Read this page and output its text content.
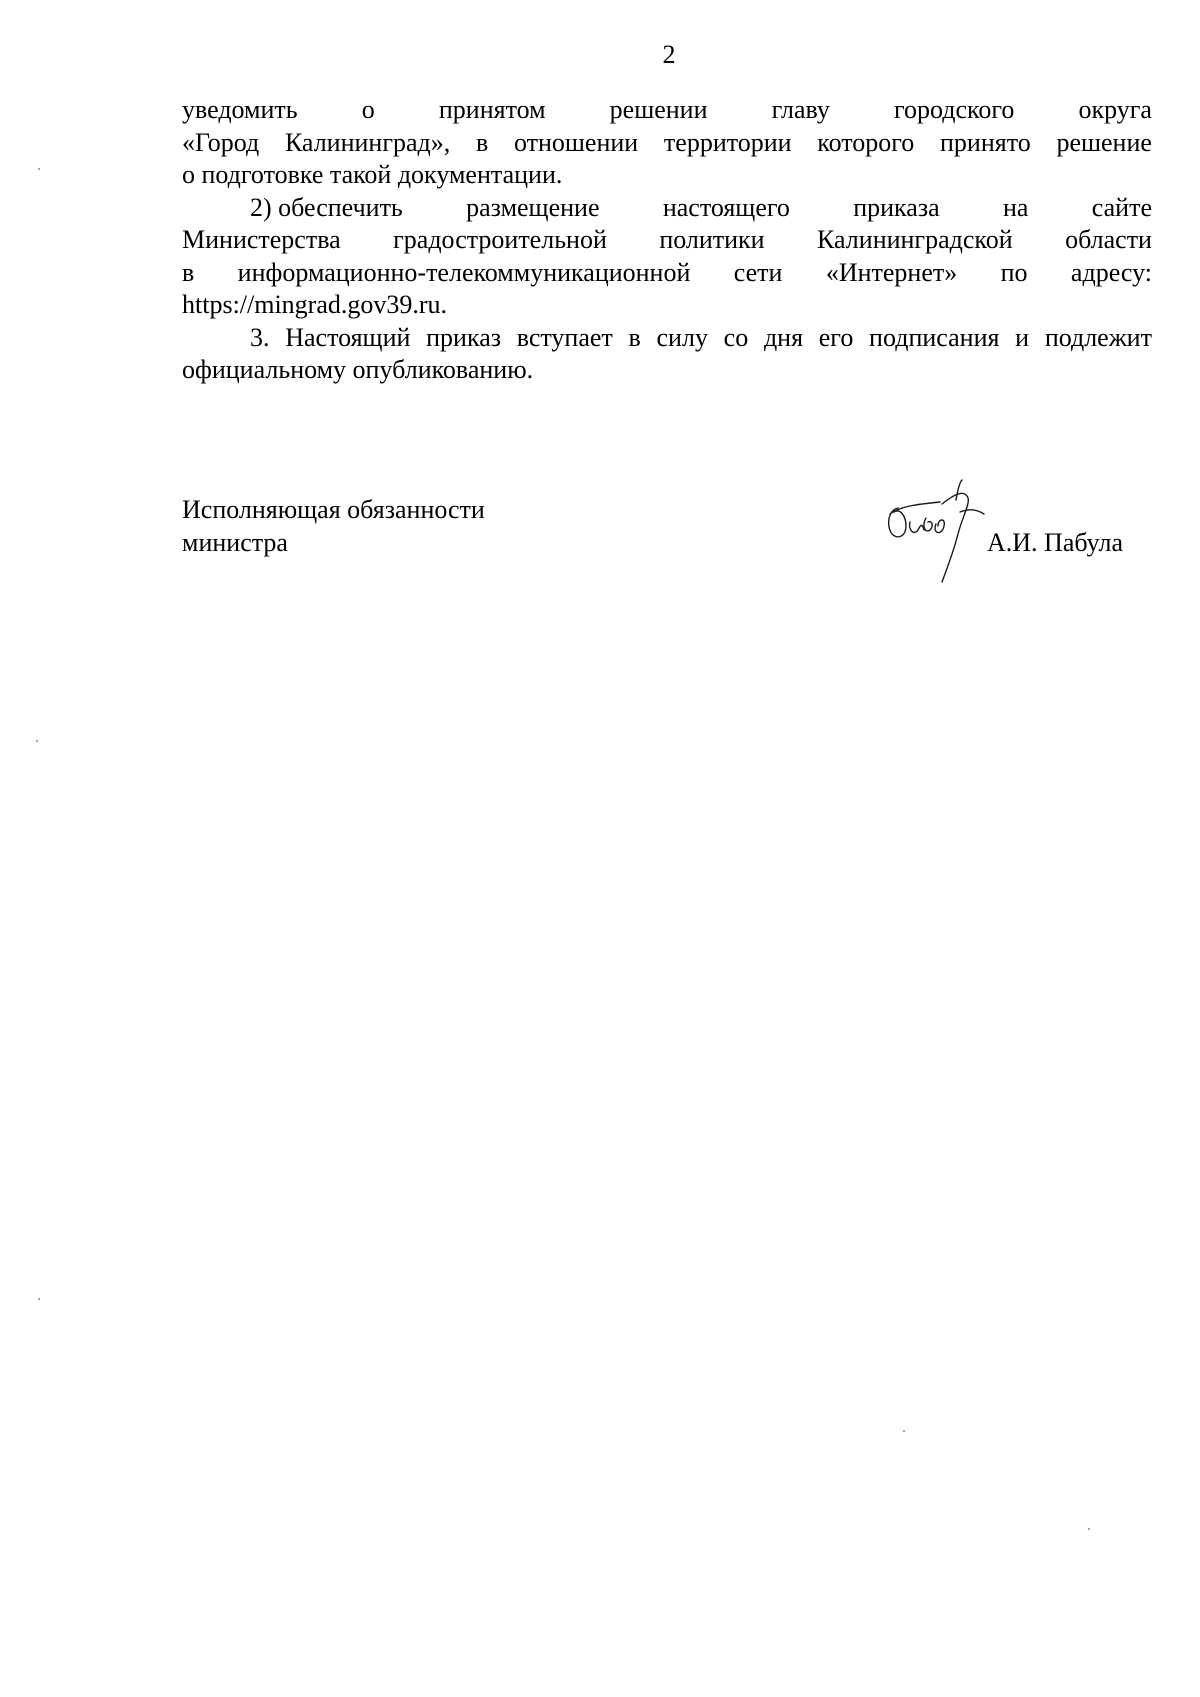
2
уведомить о принятом решении главу городского округа
«Город Калининград», в отношении территории которого принято решение
о подготовке такой документации.
2) обеспечить размещение настоящего приказа на сайте
Министерства градостроительной политики Калининградской области
в информационно-телекоммуникационной сети «Интернет» по адресу:
https://mingrad.gov39.ru.
3. Настоящий приказ вступает в силу со дня его подписания и подлежит
официальному опубликованию.
Исполняющая обязанности
министра	А.И. Пабула
